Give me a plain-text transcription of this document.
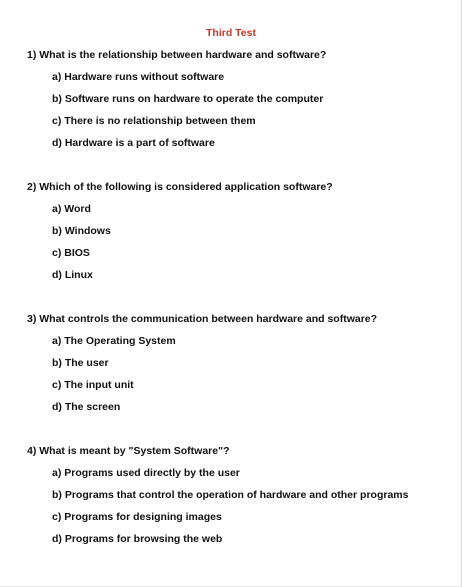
Third Test
1) What is the relationship between hardware and software?
a) Hardware runs without software
b) Software runs on hardware to operate the computer
c) There is no relationship between them
d) Hardware is a part of software
2) Which of the following is considered application software?
a) Word
b) Windows
c) BIOS
d) Linux
3) What controls the communication between hardware and software?
a) The Operating System
b) The user
c) The input unit
d) The screen
4) What is meant by "System Software"?
a) Programs used directly by the user
b) Programs that control the operation of hardware and other programs
c) Programs for designing images
d) Programs for browsing the web
